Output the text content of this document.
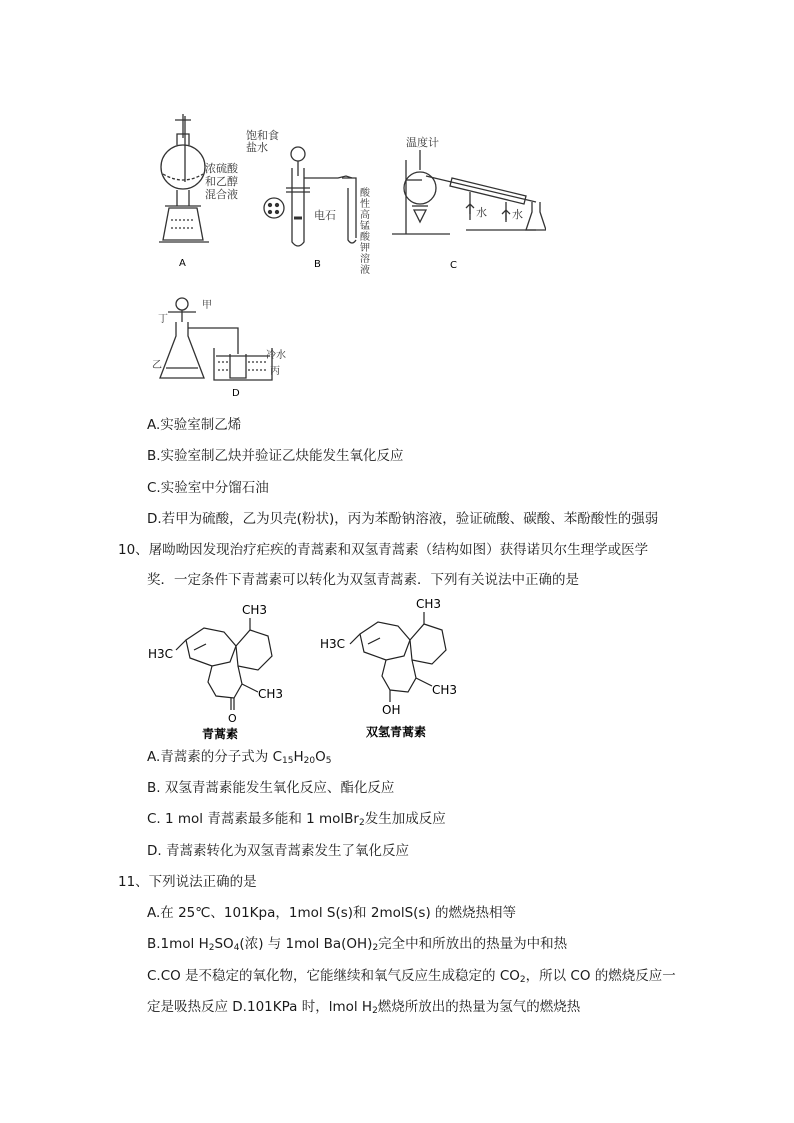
A
浓硫酸
和乙醇
混合液
B
饱和食
盐水
电石
酸性
高锰
酸钾
溶液	C
温度计
水 水
D
甲
丁
乙
冷水
丙
A.实验室制乙烯
B.实验室制乙炔并验证乙炔能发生氧化反应
C.实验室中分馏石油
D.若甲为硫酸，乙为贝壳(粉状)，丙为苯酚钠溶液，验证硫酸、碳酸、苯酚酸性的强弱
10、屠呦呦因发现治疗疟疾的青蒿素和双氢青蒿素（结构如图）获得诺贝尔生理学或医学
奖．一定条件下青蒿素可以转化为双氢青蒿素．下列有关说法中正确的是
CH3
H3C
CH3
O
青蒿素
CH3
H3C
CH3
OH
双氢青蒿素
A.青蒿素的分子式为 $C_{15}H_{20}O_5$
B. 双氢青蒿素能发生氧化反应、酯化反应
C. 1 mol 青蒿素最多能和 1 molBr$_2$发生加成反应
D. 青蒿素转化为双氢青蒿素发生了氧化反应
11、下列说法正确的是
A.在 25℃、101Kpa，1mol S(s)和 2molS(s) 的燃烧热相等
B.1mol $H_2SO_4$(浓) 与 1mol $Ba(OH)_2$完全中和所放出的热量为中和热
C.CO 是不稳定的氧化物，它能继续和氧气反应生成稳定的 $CO_2$，所以 CO 的燃烧反应一
定是吸热反应 D.101KPa 时，lmol $H_2$燃烧所放出的热量为氢气的燃烧热
